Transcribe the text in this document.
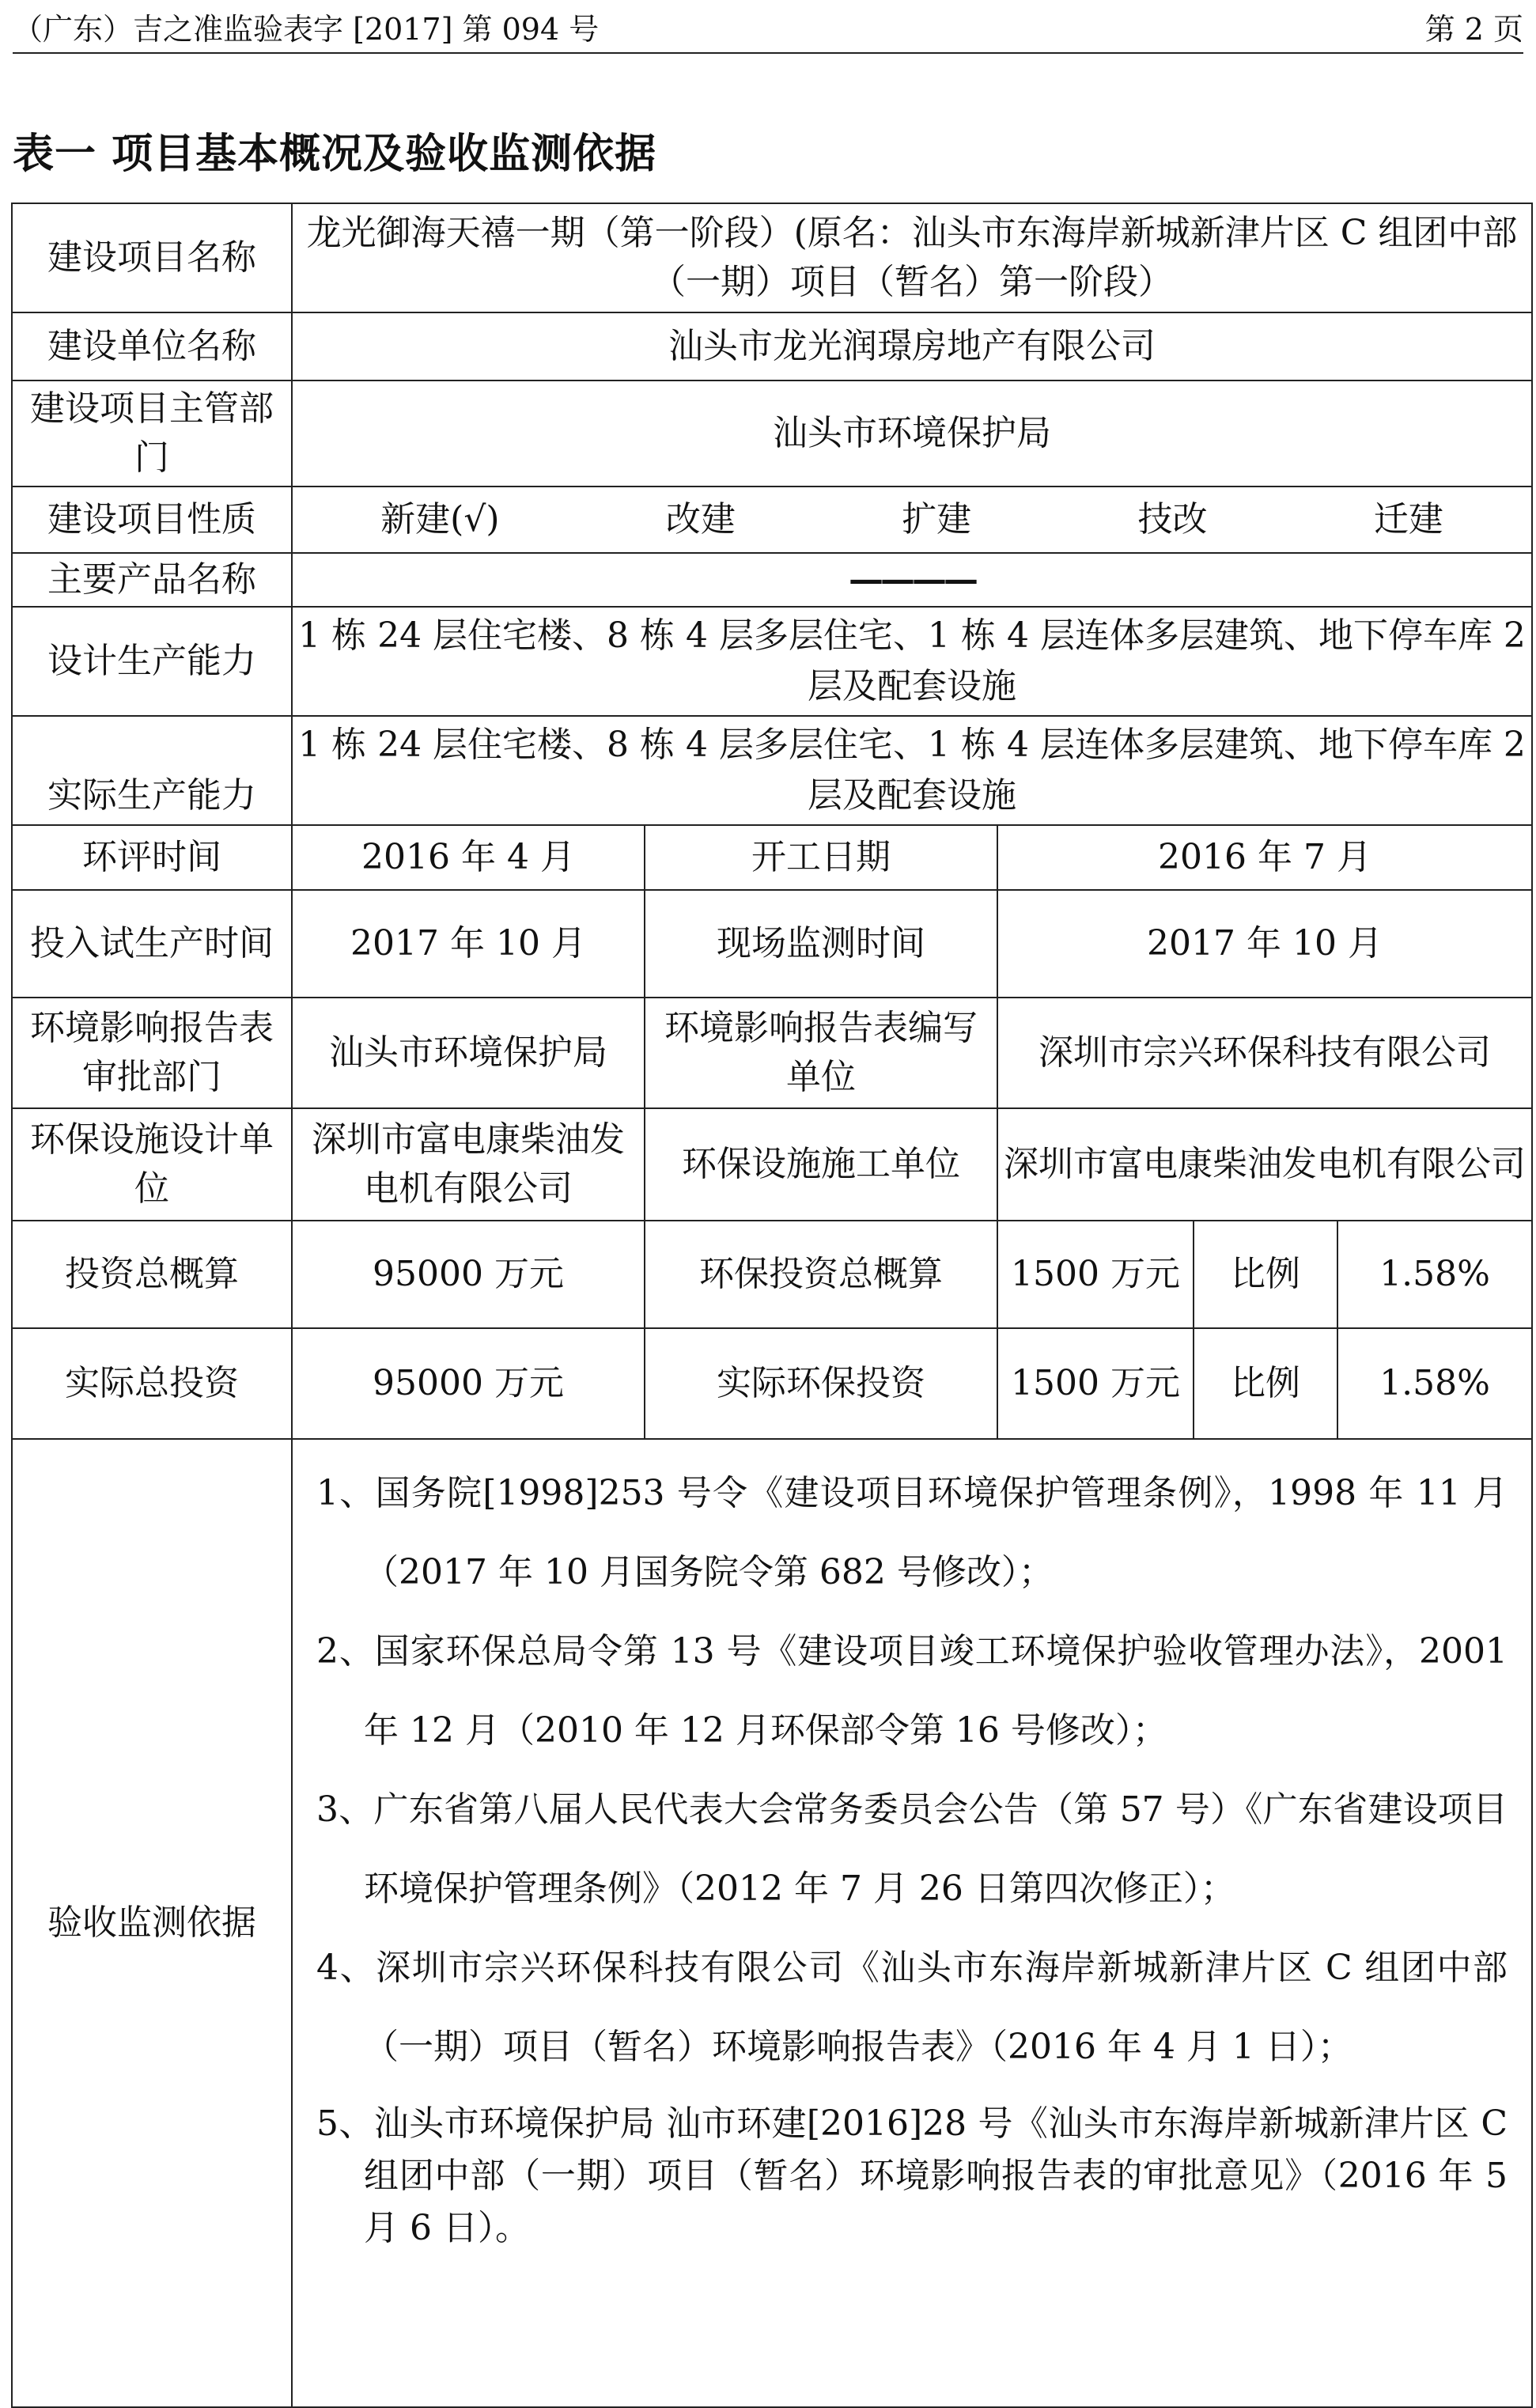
（广东）吉之准监验表字 [2017] 第 094 号	第 2 页
表一 项目基本概况及验收监测依据
建设项目名称	龙光御海天禧一期（第一阶段）(原名：汕头市东海岸新城新津片区 C 组团中部（一期）项目（暂名）第一阶段）				
建设单位名称	汕头市龙光润璟房地产有限公司				
建设项目主管部门	汕头市环境保护局				
建设项目性质	新建(√) 改建 扩建 技改 迁建				

主要产品名称	————				
设计生产能力	1 栋 24 层住宅楼、8 栋 4 层多层住宅、1 栋 4 层连体多层建筑、地下停车库 2 层及配套设施				
实际生产能力	1 栋 24 层住宅楼、8 栋 4 层多层住宅、1 栋 4 层连体多层建筑、地下停车库 2 层及配套设施				
环评时间	2016 年 4 月	开工日期	2016 年 7 月		
投入试生产时间	2017 年 10 月	现场监测时间	2017 年 10 月		
环境影响报告表审批部门	汕头市环境保护局	环境影响报告表编写单位	深圳市宗兴环保科技有限公司		
环保设施设计单位	深圳市富电康柴油发电机有限公司	环保设施施工单位	深圳市富电康柴油发电机有限公司		
投资总概算	95000 万元	环保投资总概算	1500 万元	比例	1.58%
实际总投资	95000 万元	实际环保投资	1500 万元	比例	1.58%
验收监测依据	1、国务院[1998]253 号令《建设项目环境保护管理条例》，1998 年 11 月（2017 年 10 月国务院令第 682 号修改）；
2、国家环保总局令第 13 号《建设项目竣工环境保护验收管理办法》，2001 年 12 月（2010 年 12 月环保部令第 16 号修改）；
3、广东省第八届人民代表大会常务委员会公告（第 57 号）《广东省建设项目环境保护管理条例》（2012 年 7 月 26 日第四次修正）；
4、深圳市宗兴环保科技有限公司《汕头市东海岸新城新津片区 C 组团中部（一期）项目（暂名）环境影响报告表》（2016 年 4 月 1 日）；
5、汕头市环境保护局 汕市环建[2016]28 号《汕头市东海岸新城新津片区 C 组团中部（一期）项目（暂名）环境影响报告表的审批意见》（2016 年 5 月 6 日）。				
